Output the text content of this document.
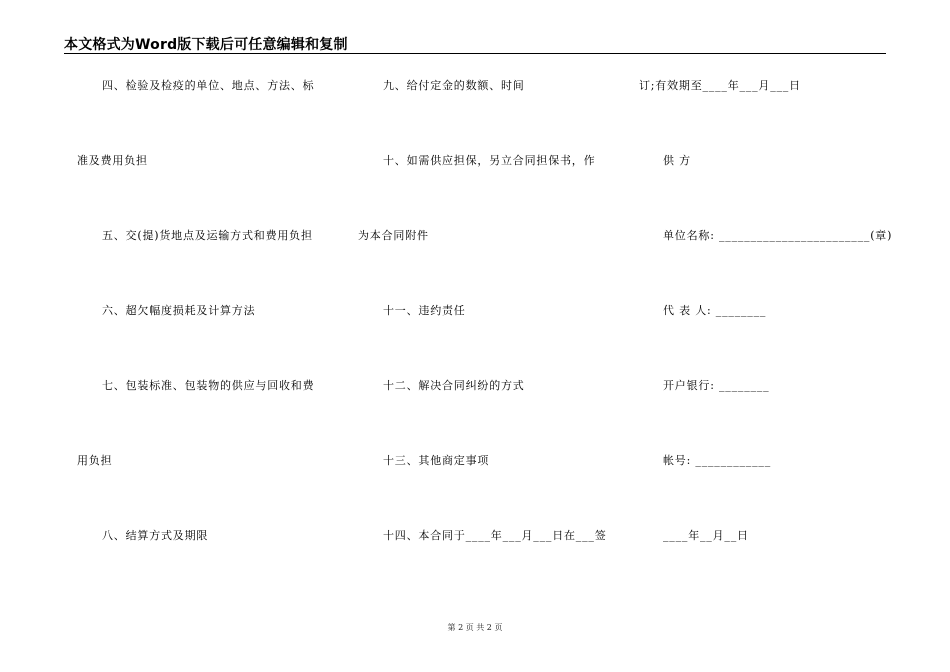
本文格式为Word版下载后可任意编辑和复制
四、检验及检疫的单位、地点、方法、标
准及费用负担
五、交(提)货地点及运输方式和费用负担
六、超欠幅度损耗及计算方法
七、包装标准、包装物的供应与回收和费
用负担
八、结算方式及期限
九、给付定金的数额、时间
十、如需供应担保，另立合同担保书，作
为本合同附件
十一、违约责任
十二、解决合同纠纷的方式
十三、其他商定事项
十四、本合同于____年___月___日在___签
订;有效期至____年___月___日
供 方
单位名称: ________________________(章)
代 表 人: ________
开户银行: ________
帐号: ____________
____年__月__日
第 2 页 共 2 页
